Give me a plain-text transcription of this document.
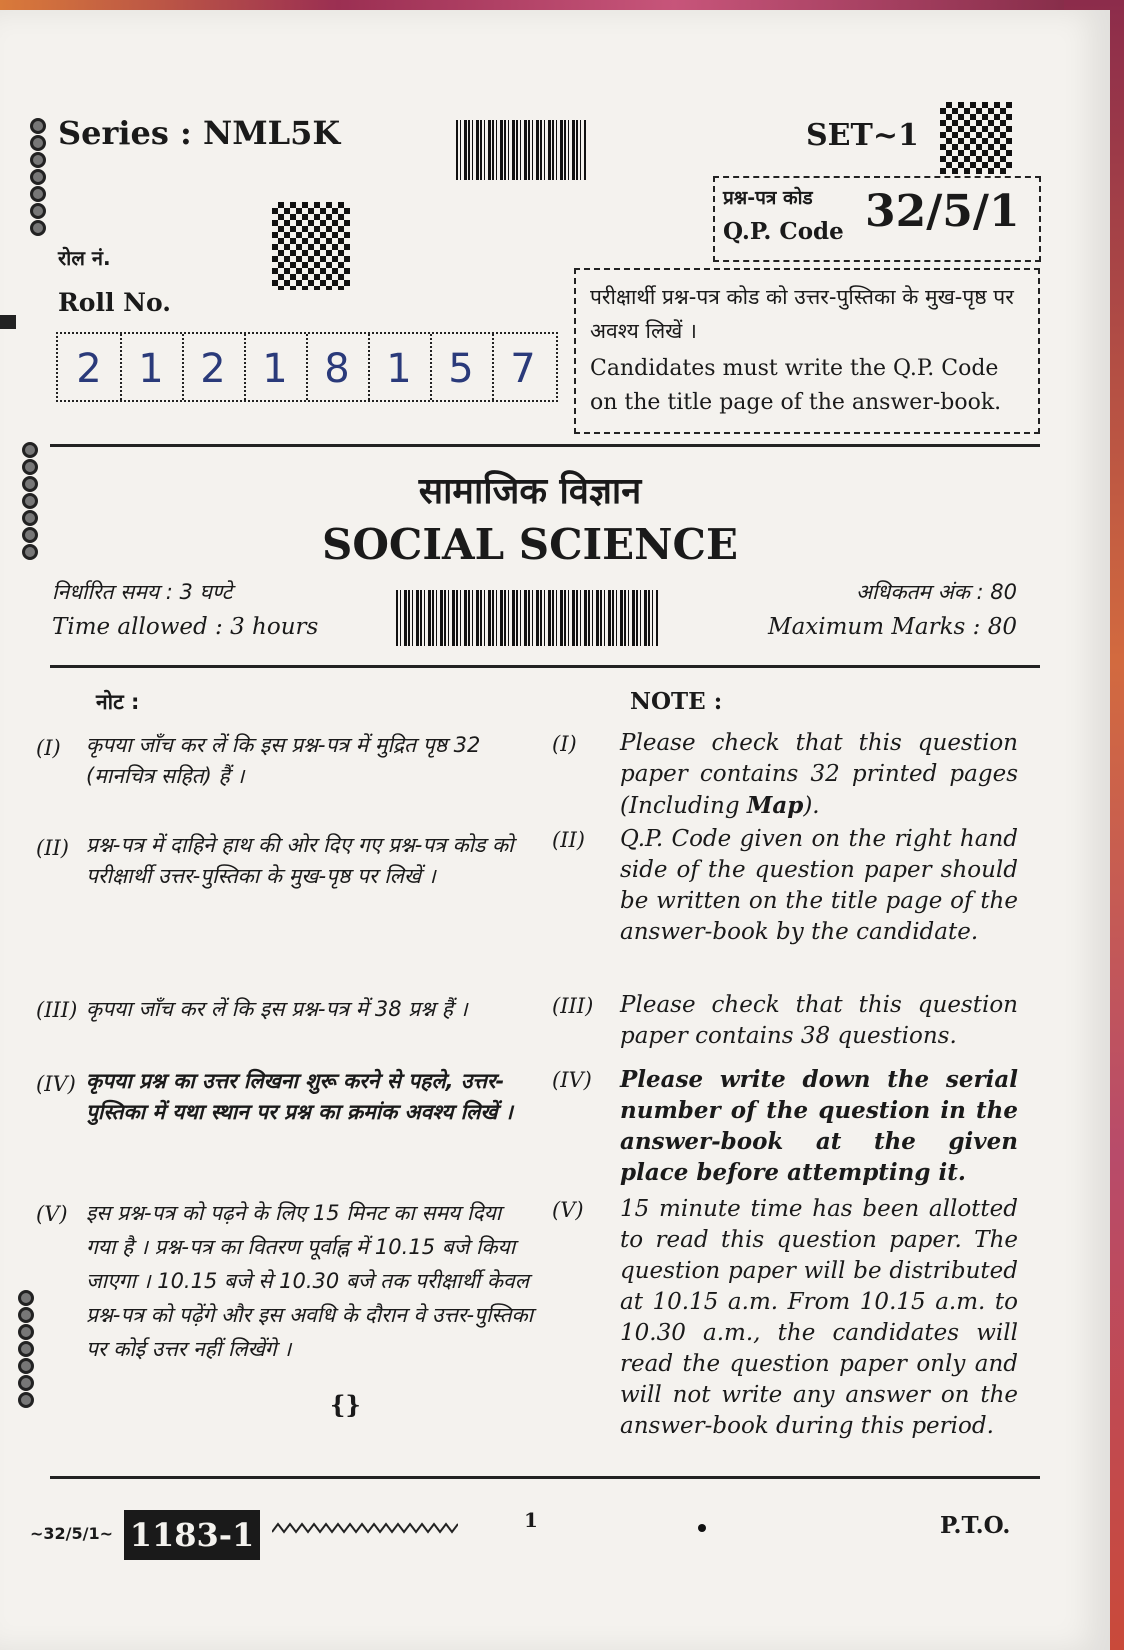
Series : NML5K	SET~1
प्रश्न-पत्र कोड
Q.P. Code 32/5/1
रोल नं.
Roll No.
2 1 2 1 8 1 5 7
परीक्षार्थी प्रश्न-पत्र कोड को उत्तर-पुस्तिका के मुख-पृष्ठ पर अवश्य लिखें ।
Candidates must write the Q.P. Code on the title page of the answer-book.
सामाजिक विज्ञान
SOCIAL SCIENCE
निर्धारित समय : 3 घण्टे
Time allowed : 3 hours
अधिकतम अंक : 80
Maximum Marks : 80
नोट :	NOTE :
(I) कृपया जाँच कर लें कि इस प्रश्न-पत्र में मुद्रित पृष्ठ 32 (मानचित्र सहित) हैं ।
(I) Please check that this question paper contains 32 printed pages (Including Map).
(II) प्रश्न-पत्र में दाहिने हाथ की ओर दिए गए प्रश्न-पत्र कोड को परीक्षार्थी उत्तर-पुस्तिका के मुख-पृष्ठ पर लिखें ।
(II) Q.P. Code given on the right hand side of the question paper should be written on the title page of the answer-book by the candidate.
(III) कृपया जाँच कर लें कि इस प्रश्न-पत्र में 38 प्रश्न हैं ।	(III) Please check that this question paper contains 38 questions.
(IV) कृपया प्रश्न का उत्तर लिखना शुरू करने से पहले, उत्तर-पुस्तिका में यथा स्थान पर प्रश्न का क्रमांक अवश्य लिखें ।
(IV) Please write down the serial number of the question in the answer-book at the given place before attempting it.
(V) इस प्रश्न-पत्र को पढ़ने के लिए 15 मिनट का समय दिया गया है । प्रश्न-पत्र का वितरण पूर्वाह्न में 10.15 बजे किया जाएगा । 10.15 बजे से 10.30 बजे तक परीक्षार्थी केवल प्रश्न-पत्र को पढ़ेंगे और इस अवधि के दौरान वे उत्तर-पुस्तिका पर कोई उत्तर नहीं लिखेंगे ।
(V) 15 minute time has been allotted to read this question paper. The question paper will be distributed at 10.15 a.m. From 10.15 a.m. to 10.30 a.m., the candidates will read the question paper only and will not write any answer on the answer-book during this period.
{}
~32/5/1~ 1183-1	1	P.T.O.
